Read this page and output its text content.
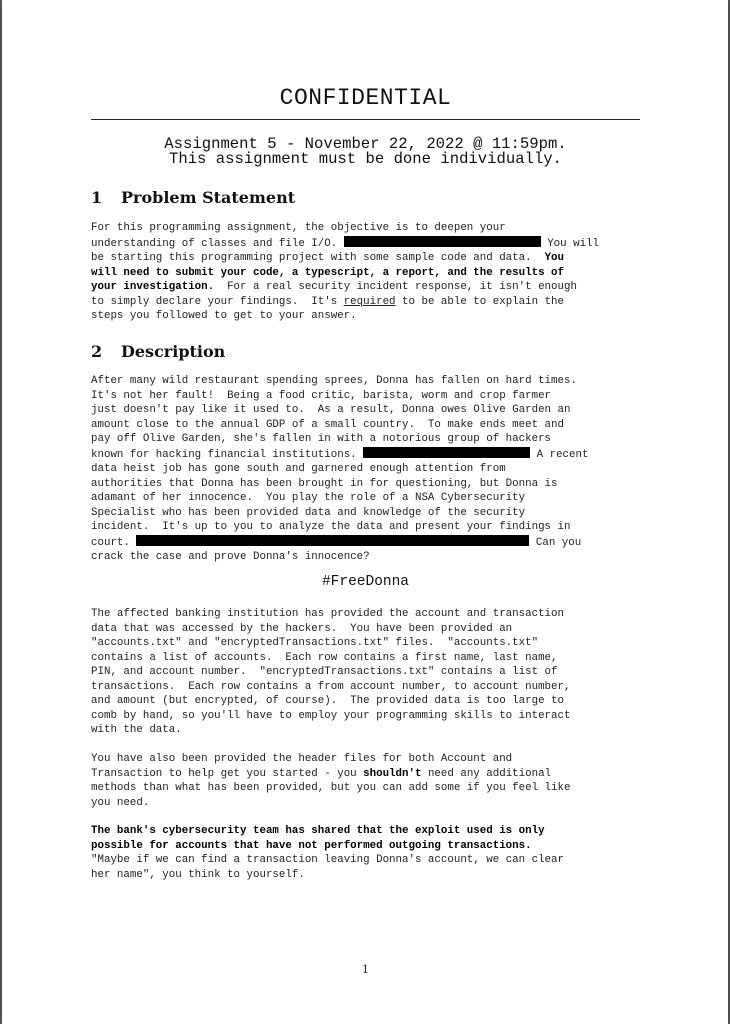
CONFIDENTIAL
Assignment 5 - November 22, 2022 @ 11:59pm.
This assignment must be done individually.
1 Problem Statement
For this programming assignment, the objective is to deepen your
understanding of classes and file I/O.	You will
be starting this programming project with some sample code and data. You
will need to submit your code, a typescript, a report, and the results of
your investigation. For a real security incident response, it isn't enough
to simply declare your findings.  It's required to be able to explain the
steps you followed to get to your answer.
2 Description
After many wild restaurant spending sprees, Donna has fallen on hard times.
It's not her fault!  Being a food critic, barista, worm and crop farmer
just doesn't pay like it used to.  As a result, Donna owes Olive Garden an
amount close to the annual GDP of a small country.  To make ends meet and
pay off Olive Garden, she's fallen in with a notorious group of hackers
known for hacking financial institutions.	A recent
data heist job has gone south and garnered enough attention from
authorities that Donna has been brought in for questioning, but Donna is
adamant of her innocence.  You play the role of a NSA Cybersecurity
Specialist who has been provided data and knowledge of the security
incident.  It's up to you to analyze the data and present your findings in
court.	Can you
crack the case and prove Donna's innocence?
#FreeDonna
The affected banking institution has provided the account and transaction
data that was accessed by the hackers.  You have been provided an
"accounts.txt" and "encryptedTransactions.txt" files.  "accounts.txt"
contains a list of accounts.  Each row contains a first name, last name,
PIN, and account number.  "encryptedTransactions.txt" contains a list of
transactions.  Each row contains a from account number, to account number,
and amount (but encrypted, of course).  The provided data is too large to
comb by hand, so you'll have to employ your programming skills to interact
with the data.
You have also been provided the header files for both Account and
Transaction to help get you started - you shouldn't need any additional
methods than what has been provided, but you can add some if you feel like
you need.
The bank's cybersecurity team has shared that the exploit used is only
possible for accounts that have not performed outgoing transactions.
"Maybe if we can find a transaction leaving Donna's account, we can clear
her name", you think to yourself.
1
